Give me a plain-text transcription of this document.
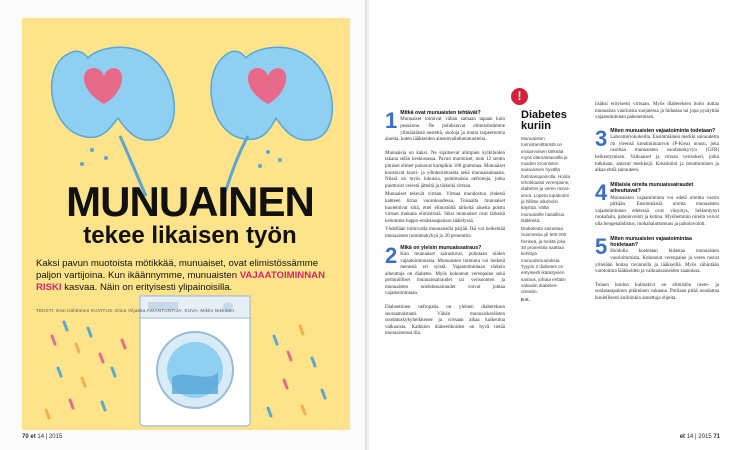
MUNUAINEN
tekee likaisen työn
Kaksi pavun muotoista mötikkää, munuaiset, ovat elimistössämme paljon vartijoina. Kun ikäännymme, munuaisten VAJAATOIMINNAN RISKI kasvaa. Näin on erityisesti ylipainoisilla.
TEKSTI: Essi Kähkönen KUVITUS: Elina Viljakka ASIANTUNTIJA, KUVA: Mikko Nikkinen
70 et 14 | 2015
!
1 Mitkä ovat munuaisten tehtävät?

Munuaiset toimivat vähän samaan tapaan kuin pesukone. Ne puhdistavat elimistöstämme ylimääräistä nestettä, suoloja ja muita tarpeettomia aineita, kuten lääkkeiden aineenvaihduntatuotteita.

Munuaisia on kaksi. Ne sijaitsevat alimpien kylkiluiden takana selän keskiosassa. Pavun muotoiset, noin 12 sentin pituiset elimet painavat kumpikin 160 grammaa. Munuaiset koostuvat kuori- ja ydinkerroksesta sekä munuaisaltaasta. Niissä on myös lukuisia, puhtimaisia nefroneja, jotka puuttuvat verestä jätteitä ja tärkeitä virtsan.

Munuaiset tekevät virtsan. Virtsaa muodostuu yhdestä kahteen litraa vuorokaudessa. Toisaalta munuaiset huolehtivat siitä, ettei elimistöltä tärkeitä aineita poistu virtsan mukana elimistöstä. Siksi munuaiset ovat tärkeitä kehomme happo-emästasapainon säätelyssä.

Yhdellään toimivalla munuaisella pärjää. Ikä voi heikentää munuaisten toimintakykyä jo 20 prosenttia.

2 Mikä on yleisin munuaissairaus?

Kun munuaiset sairastuvat, puhutaan niiden vajaatoiminnasta. Munuaisten toiminta voi heiketä menestä eri syistä. Vajaatoimintaan tärkein aiheuttaja on diabetes. Myös kohonnut verenpaine sekä perinnölliset munuaissairaudet tai verisuonten ja munuaisten tulehdussairaudet voivat johtaa vajaatoimintaan.

Diabeettinen nefropatia on yleinen diabeteksen seuraamaistauti. Vähän munuaiskeräisten suodatuskykyheikkenee ja virtsaan alkaa kulkeutua valkuaista. Kaikkien diabeetikoiden on hyvä tietää munuaistensa tila.

Diabetes kuriin

Munuaisten toimintamittäristä on ensiarvoisen tärkeää myös elämäntavoilla ja muiden kroonisten sairauksien hyvällä hoitotasapainolla. Hoida tehokkaasti verenpaine, diabetes ja veren rasva-arvot. Lopeta tupakointi ja hillitse alkoholin käyttöä. Vältä munuaisille haitallisia lääkkeitä.

Diabetesta sairastaa Suomessa yli 500 000 henkeä, ja heistä joka 30 prosenttia saattaa kehittyä munuaismuutoksia. Tyypin 2 diabetes on erityisesti ikääntyvien sairaus, johtaa erittäin vakaviin diabetes-oireisiin.

E.K.

lisäksi erityisesti virtsaan. Myös diabeteksen hoito auttaa munuaisia vaurioista suojatessa ja hidastaa tai jopa pysäyttää vajaatoiminnan pahenemisen.

3 Miten munuaisten vajaatoiminta todetaan?

Laboratoriokokeilla. Ensimmäinen merkki sairaudesta on yleensä kreatiniiniarvon (P-Krea) nousu, joka osoittaa munuaisten suodatuskyvyn (GFR) heikentymisen. Valkuaiset ja virtsan verisokeri, jotka tutkitaan, antavat merkkejä. Kreatiniini ja muuttuminen ja alkaa ehtiä sairauteen.

4 Millaisia oireita munuaissairaudet aiheuttavat?

Munuaisten vajaatoiminta voi edetä oireitta varsin pitkään. Ensimmäisiä oireita munuaisten vajaatoiminnan edetessä ovat väsymys, heikentynyt ruokahalu, pahoinvointi ja kutina. Myöhemmin oireita voivat olla hengenahdistus, ruokahaluttomuus ja pahoinvointi.

5 Miten munuaisten vajaatoimintaa hoidetaan?

Hoidolla koetetaan hidastaa munuaisten vaurioitumista. Kohonnut verenpaine ja veren rasvat yritetään hoitaa ravinnolla ja lääkkeillä. Myös vähintään varotoimia lääkkeiden ja valkuaisaineiden saannissa.

Toinen hoidon kulmakivi on elimistön neste- ja suolatasapainon pitäminen vakaana. Potilaan pitää noudattaa huolellisesti kulloinkin annettuja ohjeita.

et 14 | 2015 71
